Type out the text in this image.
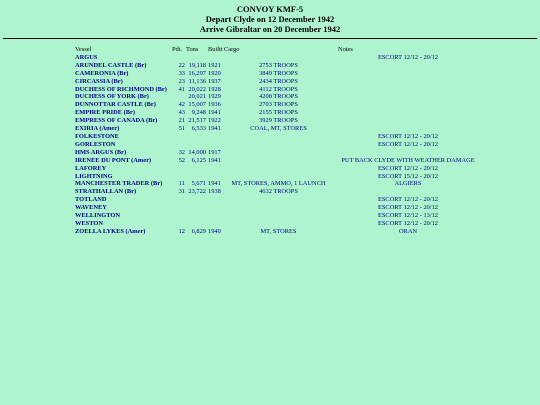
CONVOY KMF-5
Depart Clyde on 12 December 1942
Arrive Gibraltar on 20 December 1942
Vessel	Pdt.	Tons	Builtt	Cargo	Notes
ARGUS					ESCORT 12/12 - 20/12
ARUNDEL CASTLE (Br)	22	19,118	1921	2753 TROOPS	
CAMERONIA (Br)	33	16,297	1920	3849 TROOPS	
CIRCASSIA (Br)	23	11,136	1937	2434 TROOPS	
DUCHESS OF RICHMOND (Br)	41	20,022	1928	4112 TROOPS	
DUCHESS OF YORK (Br)		20,021	1929	4208 TROOPS	
DUNNOTTAR CASTLE (Br)	42	15,007	1936	2703 TROOPS	
EMPIRE PRIDE (Br)	43	9,248	1941	2155 TROOPS	
EMPRESS OF CANADA (Br)	21	21,517	1922	3929 TROOPS	
EXIRIA (Amer)	51	6,533	1941	COAL, MT, STORES	
FOLKESTONE					ESCORT 12/12 - 20/12
GORLESTON					ESCORT 12/12 - 20/12
HMS ARGUS (Br)	32	14,000	1917		
IRENEE DU PONT (Amer)	52	6,125	1941		PUT BACK CLYDE WITH WEATHER DAMAGE
LAFOREY					ESCORT 12/12 - 20/12
LIGHTNING					ESCORT 15/12 - 20/12
MANCHESTER TRADER (Br)	11	5,671	1941	MT, STORES, AMMO, 1 LAUNCH	ALGIERS
STRATHALLAN (Br)	31	23,722	1938	4632 TROOPS	
TOTLAND					ESCORT 12/12 - 20/12
WAVENEY					ESCORT 12/12 - 20/12
WELLINGTON					ESCORT 12/12 - 13/12
WESTON					ESCORT 12/12 - 20/12
ZOELLA LYKES (Amer)	12	6,829	1940	MT, STORES	ORAN
